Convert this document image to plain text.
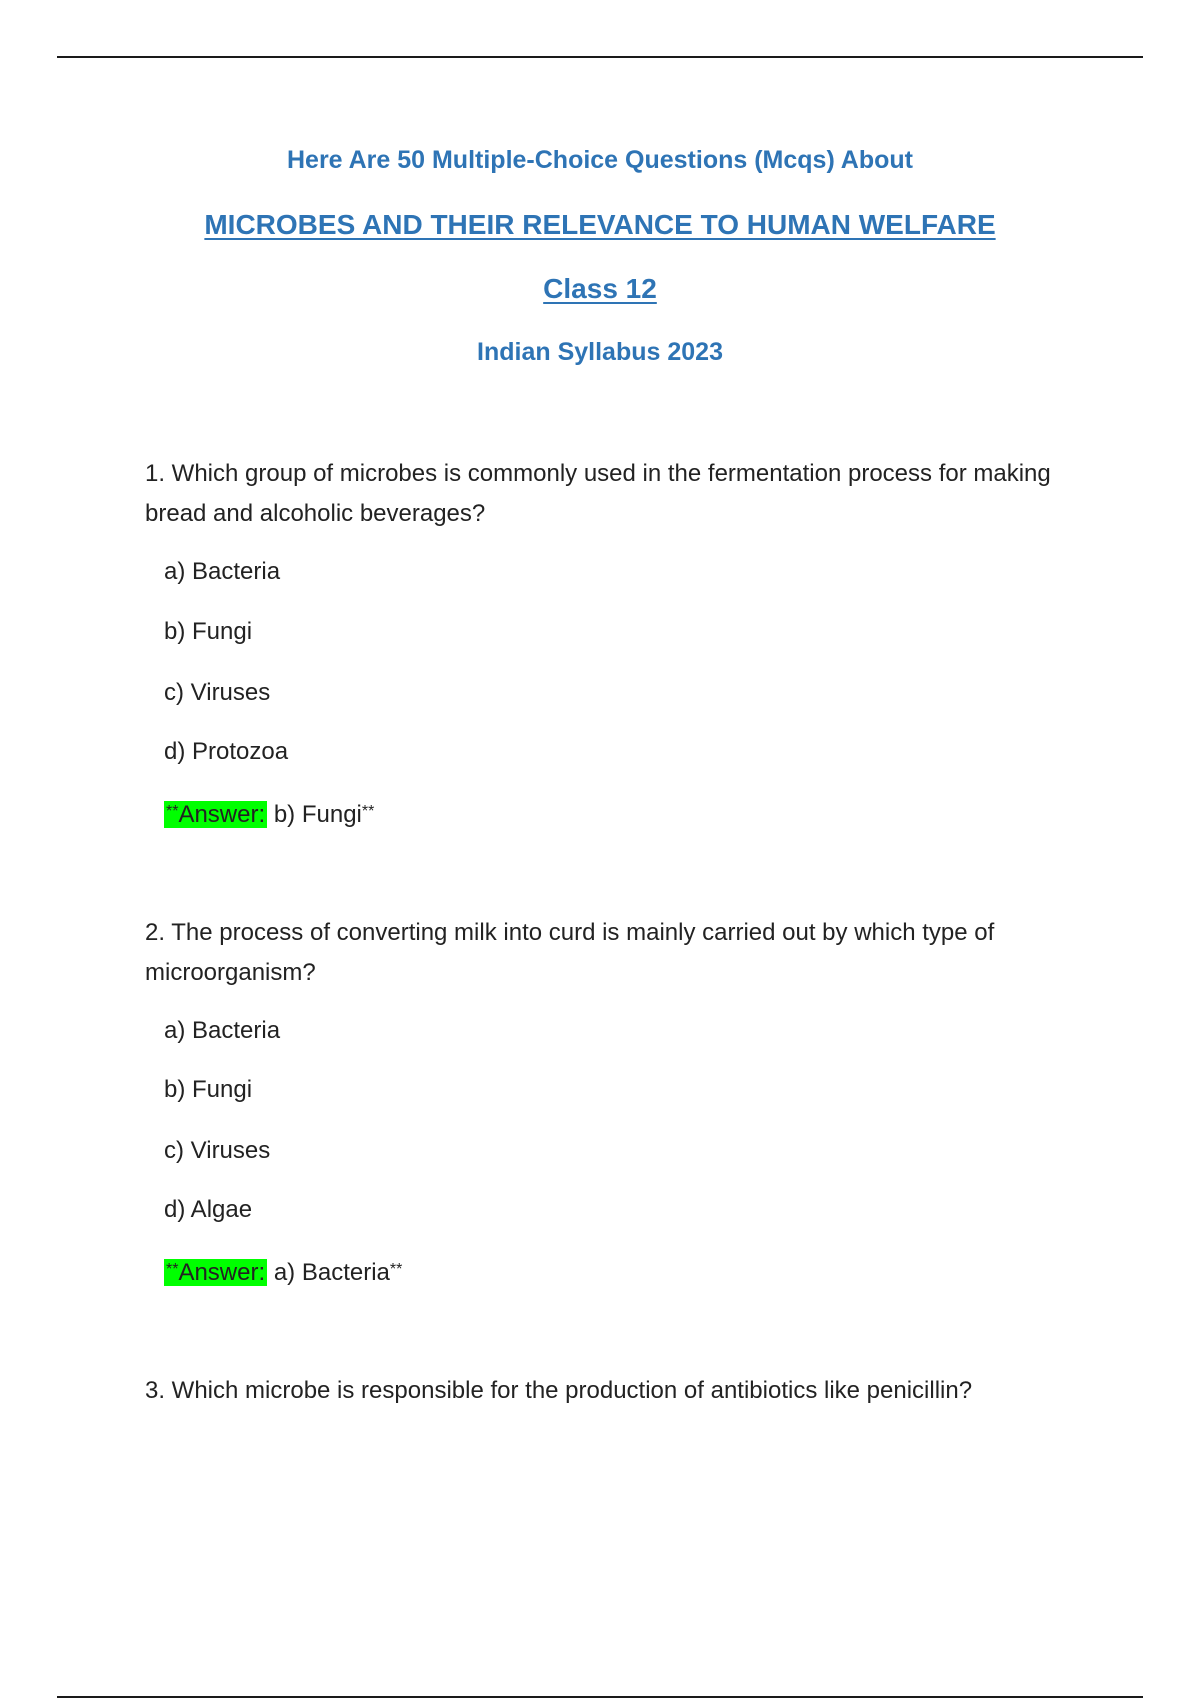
Here Are 50 Multiple-Choice Questions (Mcqs) About
MICROBES AND THEIR RELEVANCE TO HUMAN WELFARE
Class 12
Indian Syllabus 2023
1. Which group of microbes is commonly used in the fermentation process for making bread and alcoholic beverages?
a) Bacteria
b) Fungi
c) Viruses
d) Protozoa
**Answer: b) Fungi**
2. The process of converting milk into curd is mainly carried out by which type of microorganism?
a) Bacteria
b) Fungi
c) Viruses
d) Algae
**Answer: a) Bacteria**
3. Which microbe is responsible for the production of antibiotics like penicillin?
